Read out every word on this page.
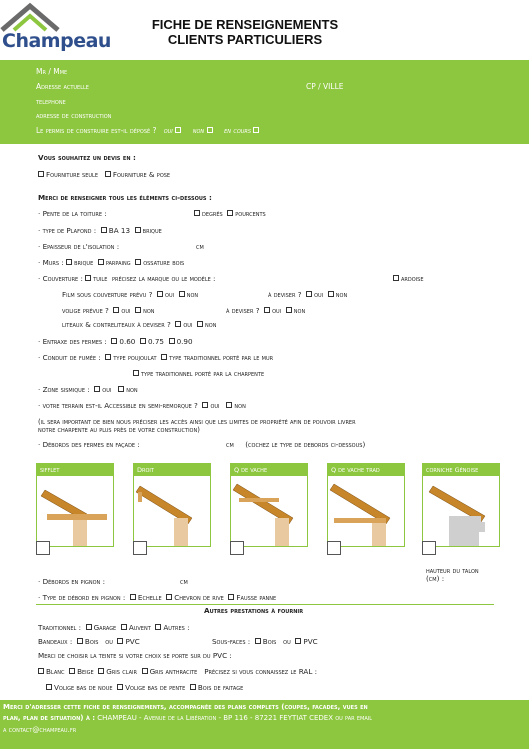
Champeau
FICHE DE RENSEIGNEMENTS
CLIENTS PARTICULIERS
Mr / Mme
Adresse actuelle	CP / VILLE
telephone
adresse de construction
Le permis de construire est-il déposé ? oui	non	en cours
Vous souhaitez un devis en :
Fourniture seule Fourniture & pose
Merci de renseigner tous les éléments ci-dessous :
· Pente de la toiture :	degrés pourcents
· type de Plafond : BA 13 brique
· Epaisseur de l'isolation :	cm
· Murs : brique parpaing ossature bois
· Couverture : tuile précisez la marque ou le modèle :	ardoise
Film sous couverture prévu ? oui non	à deviser ? oui non
volige prévue ? oui non	à deviser ? oui non
liteaux & contreliteaux à deviser ? oui non
· Entraxe des fermes : 0.60 0.75 0.90
· Conduit de fumée : type poujoulat type traditionnel porté par le mur
type traditionnel porté par la charpente
· Zone sismique : oui non
· votre terrain est-il Accessible en semi-remorque ? oui non
(il sera important de bien nous préciser les accès ainsi que les limites de propriété afin de pouvoir livrer
notre charpente au plus près de votre construction)
· Débords des fermes en façade :	cm (cochez le type de debords ci-dessous)
sifflet	Droit	Q de vache	Q de vache trad	corniche Génoise
hauteur du talon
(cm) :
· Débords en pignon :	cm
· Type de débord en pignon : Echelle Chevron de rive Fausse panne
Autres prestations à fournir
Traditionnel : Garage Auvent Autres :
Bandeaux : Bois ou PVC	Sous-faces : Bois ou PVC
Merci de choisir la teinte si votre choix se porte sur du PVC :
Blanc Beige Gris clair Gris anthracite Précisez si vous connaissez le RAL :
Volige bas de noue Volige bas de pente Bois de faitage
Merci d'adresser cette fiche de renseignements, accompagnée des plans complets (coupes, facades, vues en
plan, plan de situation) à : CHAMPEAU - Avenue de la Libération - BP 116 - 87221 FEYTIAT CEDEX ou par email
a contact@champeau.fr
